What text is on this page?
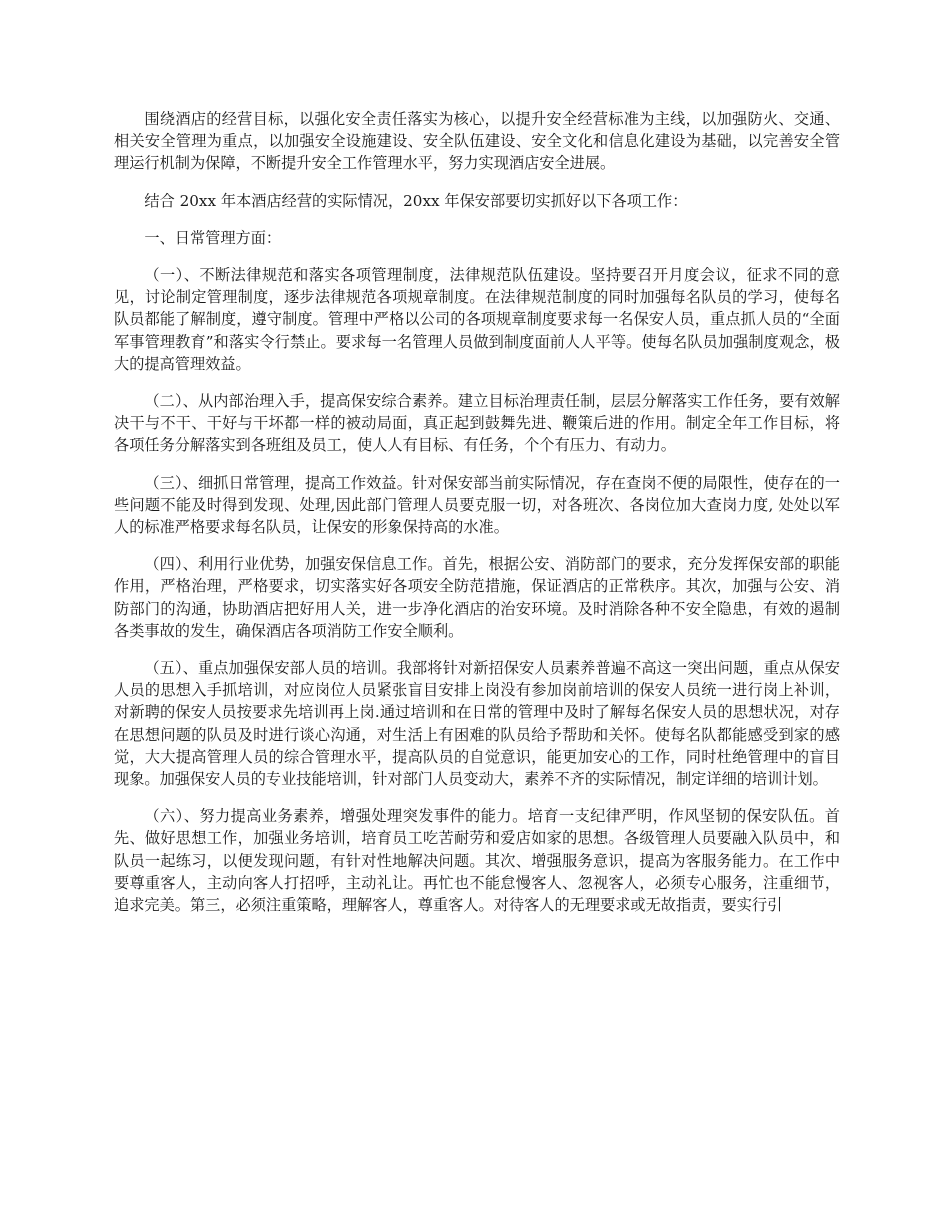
围绕酒店的经营目标，以强化安全责任落实为核心，以提升安全经营标准为主线，以加强防火、交通、相关安全管理为重点，以加强安全设施建设、安全队伍建设、安全文化和信息化建设为基础，以完善安全管理运行机制为保障，不断提升安全工作管理水平，努力实现酒店安全进展。

结合 20xx 年本酒店经营的实际情况，20xx 年保安部要切实抓好以下各项工作：

一、日常管理方面：

（一）、不断法律规范和落实各项管理制度，法律规范队伍建设。坚持要召开月度会议，征求不同的意见，讨论制定管理制度，逐步法律规范各项规章制度。在法律规范制度的同时加强每名队员的学习，使每名队员都能了解制度，遵守制度。管理中严格以公司的各项规章制度要求每一名保安人员，重点抓人员的“全面军事管理教育”和落实令行禁止。要求每一名管理人员做到制度面前人人平等。使每名队员加强制度观念，极大的提高管理效益。

（二）、从内部治理入手，提高保安综合素养。建立目标治理责任制，层层分解落实工作任务，要有效解决干与不干、干好与干坏都一样的被动局面，真正起到鼓舞先进、鞭策后进的作用。制定全年工作目标，将各项任务分解落实到各班组及员工，使人人有目标、有任务，个个有压力、有动力。

（三）、细抓日常管理，提高工作效益。针对保安部当前实际情况，存在查岗不便的局限性，使存在的一些问题不能及时得到发现、处理,因此部门管理人员要克服一切，对各班次、各岗位加大查岗力度, 处处以军人的标准严格要求每名队员，让保安的形象保持高的水准。

（四）、利用行业优势，加强安保信息工作。首先，根据公安、消防部门的要求，充分发挥保安部的职能作用，严格治理，严格要求，切实落实好各项安全防范措施，保证酒店的正常秩序。其次，加强与公安、消防部门的沟通，协助酒店把好用人关，进一步净化酒店的治安环境。及时消除各种不安全隐患，有效的遏制各类事故的发生，确保酒店各项消防工作安全顺利。

（五）、重点加强保安部人员的培训。我部将针对新招保安人员素养普遍不高这一突出问题，重点从保安人员的思想入手抓培训，对应岗位人员紧张盲目安排上岗没有参加岗前培训的保安人员统一进行岗上补训，对新聘的保安人员按要求先培训再上岗.通过培训和在日常的管理中及时了解每名保安人员的思想状况，对存在思想问题的队员及时进行谈心沟通，对生活上有困难的队员给予帮助和关怀。使每名队都能感受到家的感觉，大大提高管理人员的综合管理水平，提高队员的自觉意识，能更加安心的工作，同时杜绝管理中的盲目现象。加强保安人员的专业技能培训，针对部门人员变动大，素养不齐的实际情况，制定详细的培训计划。

（六）、努力提高业务素养，增强处理突发事件的能力。培育一支纪律严明，作风坚韧的保安队伍。首先、做好思想工作，加强业务培训，培育员工吃苦耐劳和爱店如家的思想。各级管理人员要融入队员中，和队员一起练习，以便发现问题，有针对性地解决问题。其次、增强服务意识，提高为客服务能力。在工作中要尊重客人，主动向客人打招呼，主动礼让。再忙也不能怠慢客人、忽视客人，必须专心服务，注重细节，追求完美。第三，必须注重策略，理解客人，尊重客人。对待客人的无理要求或无故指责，要实行引
